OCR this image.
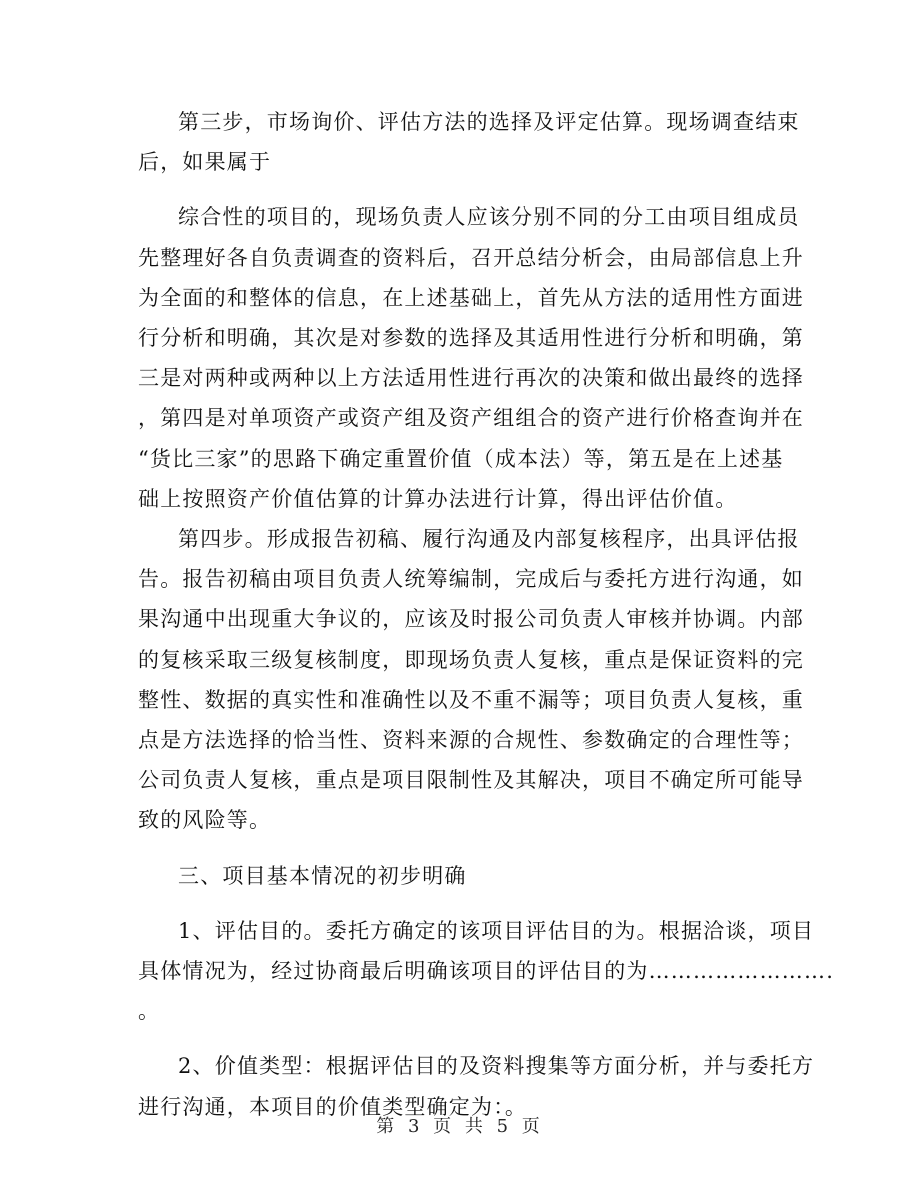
第三步，市场询价、评估方法的选择及评定估算。现场调查结束
后，如果属于
综合性的项目的，现场负责人应该分别不同的分工由项目组成员
先整理好各自负责调查的资料后，召开总结分析会，由局部信息上升
为全面的和整体的信息，在上述基础上，首先从方法的适用性方面进
行分析和明确，其次是对参数的选择及其适用性进行分析和明确，第
三是对两种或两种以上方法适用性进行再次的决策和做出最终的选择
，第四是对单项资产或资产组及资产组组合的资产进行价格查询并在
“货比三家”的思路下确定重置价值（成本法）等，第五是在上述基
础上按照资产价值估算的计算办法进行计算，得出评估价值。
第四步。形成报告初稿、履行沟通及内部复核程序，出具评估报
告。报告初稿由项目负责人统筹编制，完成后与委托方进行沟通，如
果沟通中出现重大争议的，应该及时报公司负责人审核并协调。内部
的复核采取三级复核制度，即现场负责人复核，重点是保证资料的完
整性、数据的真实性和准确性以及不重不漏等；项目负责人复核，重
点是方法选择的恰当性、资料来源的合规性、参数确定的合理性等；
公司负责人复核，重点是项目限制性及其解决，项目不确定所可能导
致的风险等。
三、项目基本情况的初步明确
1、评估目的。委托方确定的该项目评估目的为。根据洽谈，项目
具体情况为，经过协商最后明确该项目的评估目的为…………………….
。
2、价值类型：根据评估目的及资料搜集等方面分析，并与委托方
进行沟通，本项目的价值类型确定为：。
第 3 页 共 5 页
